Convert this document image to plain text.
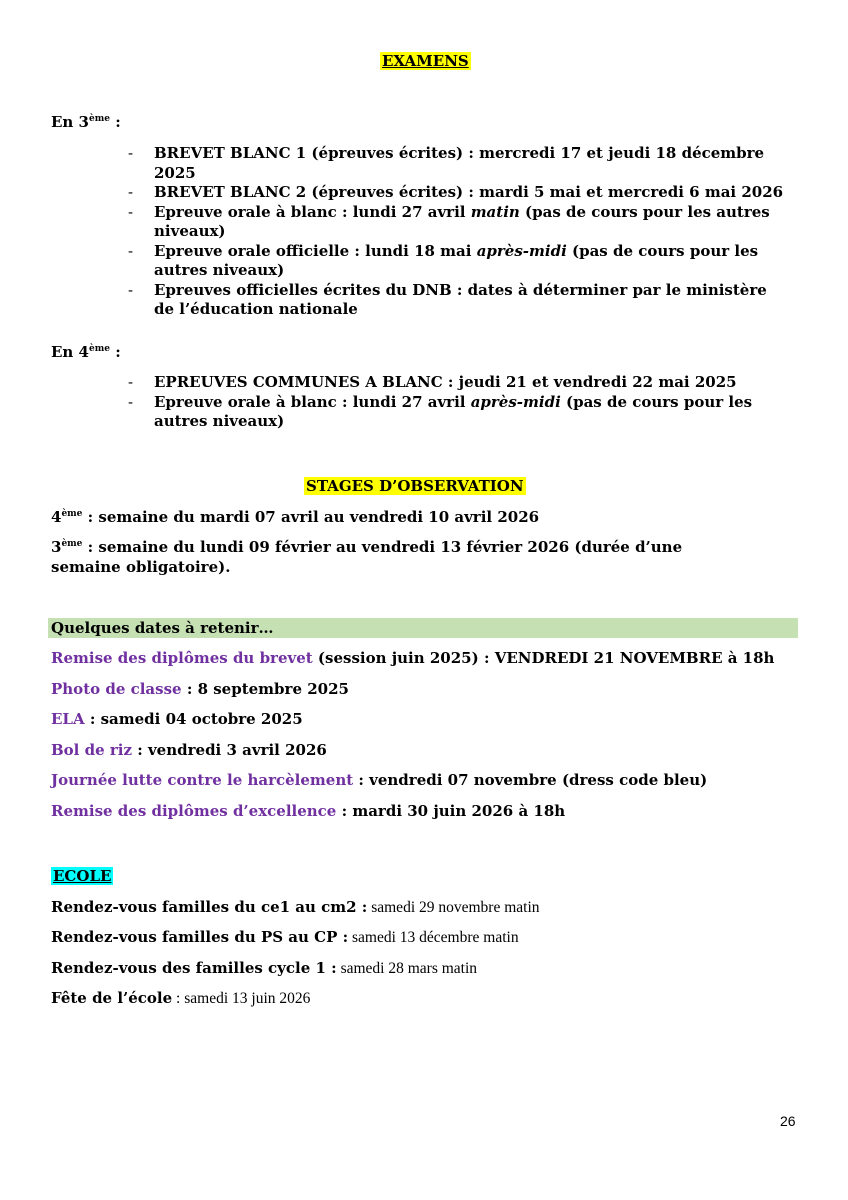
EXAMENS
En 3ème :
- BREVET BLANC 1 (épreuves écrites) : mercredi 17 et jeudi 18 décembre 2025
- BREVET BLANC 2 (épreuves écrites) : mardi 5 mai et mercredi 6 mai 2026
- Epreuve orale à blanc : lundi 27 avril matin (pas de cours pour les autres niveaux)
- Epreuve orale officielle : lundi 18 mai après-midi (pas de cours pour les autres niveaux)
- Epreuves officielles écrites du DNB : dates à déterminer par le ministère de l’éducation nationale
En 4ème :
- EPREUVES COMMUNES A BLANC : jeudi 21 et vendredi 22 mai 2025
- Epreuve orale à blanc : lundi 27 avril après-midi (pas de cours pour les autres niveaux)
STAGES D’OBSERVATION
4ème : semaine du mardi 07 avril au vendredi 10 avril 2026
3ème : semaine du lundi 09 février au vendredi 13 février 2026 (durée d’une semaine obligatoire).
Quelques dates à retenir…
Remise des diplômes du brevet (session juin 2025) : VENDREDI 21 NOVEMBRE à 18h
Photo de classe : 8 septembre 2025
ELA : samedi 04 octobre 2025
Bol de riz : vendredi 3 avril 2026
Journée lutte contre le harcèlement : vendredi 07 novembre (dress code bleu)
Remise des diplômes d’excellence : mardi 30 juin 2026 à 18h
ECOLE
Rendez-vous familles du ce1 au cm2 : samedi 29 novembre matin
Rendez-vous familles du PS au CP : samedi 13 décembre matin
Rendez-vous des familles cycle 1 : samedi 28 mars matin
Fête de l’école : samedi 13 juin 2026
26
